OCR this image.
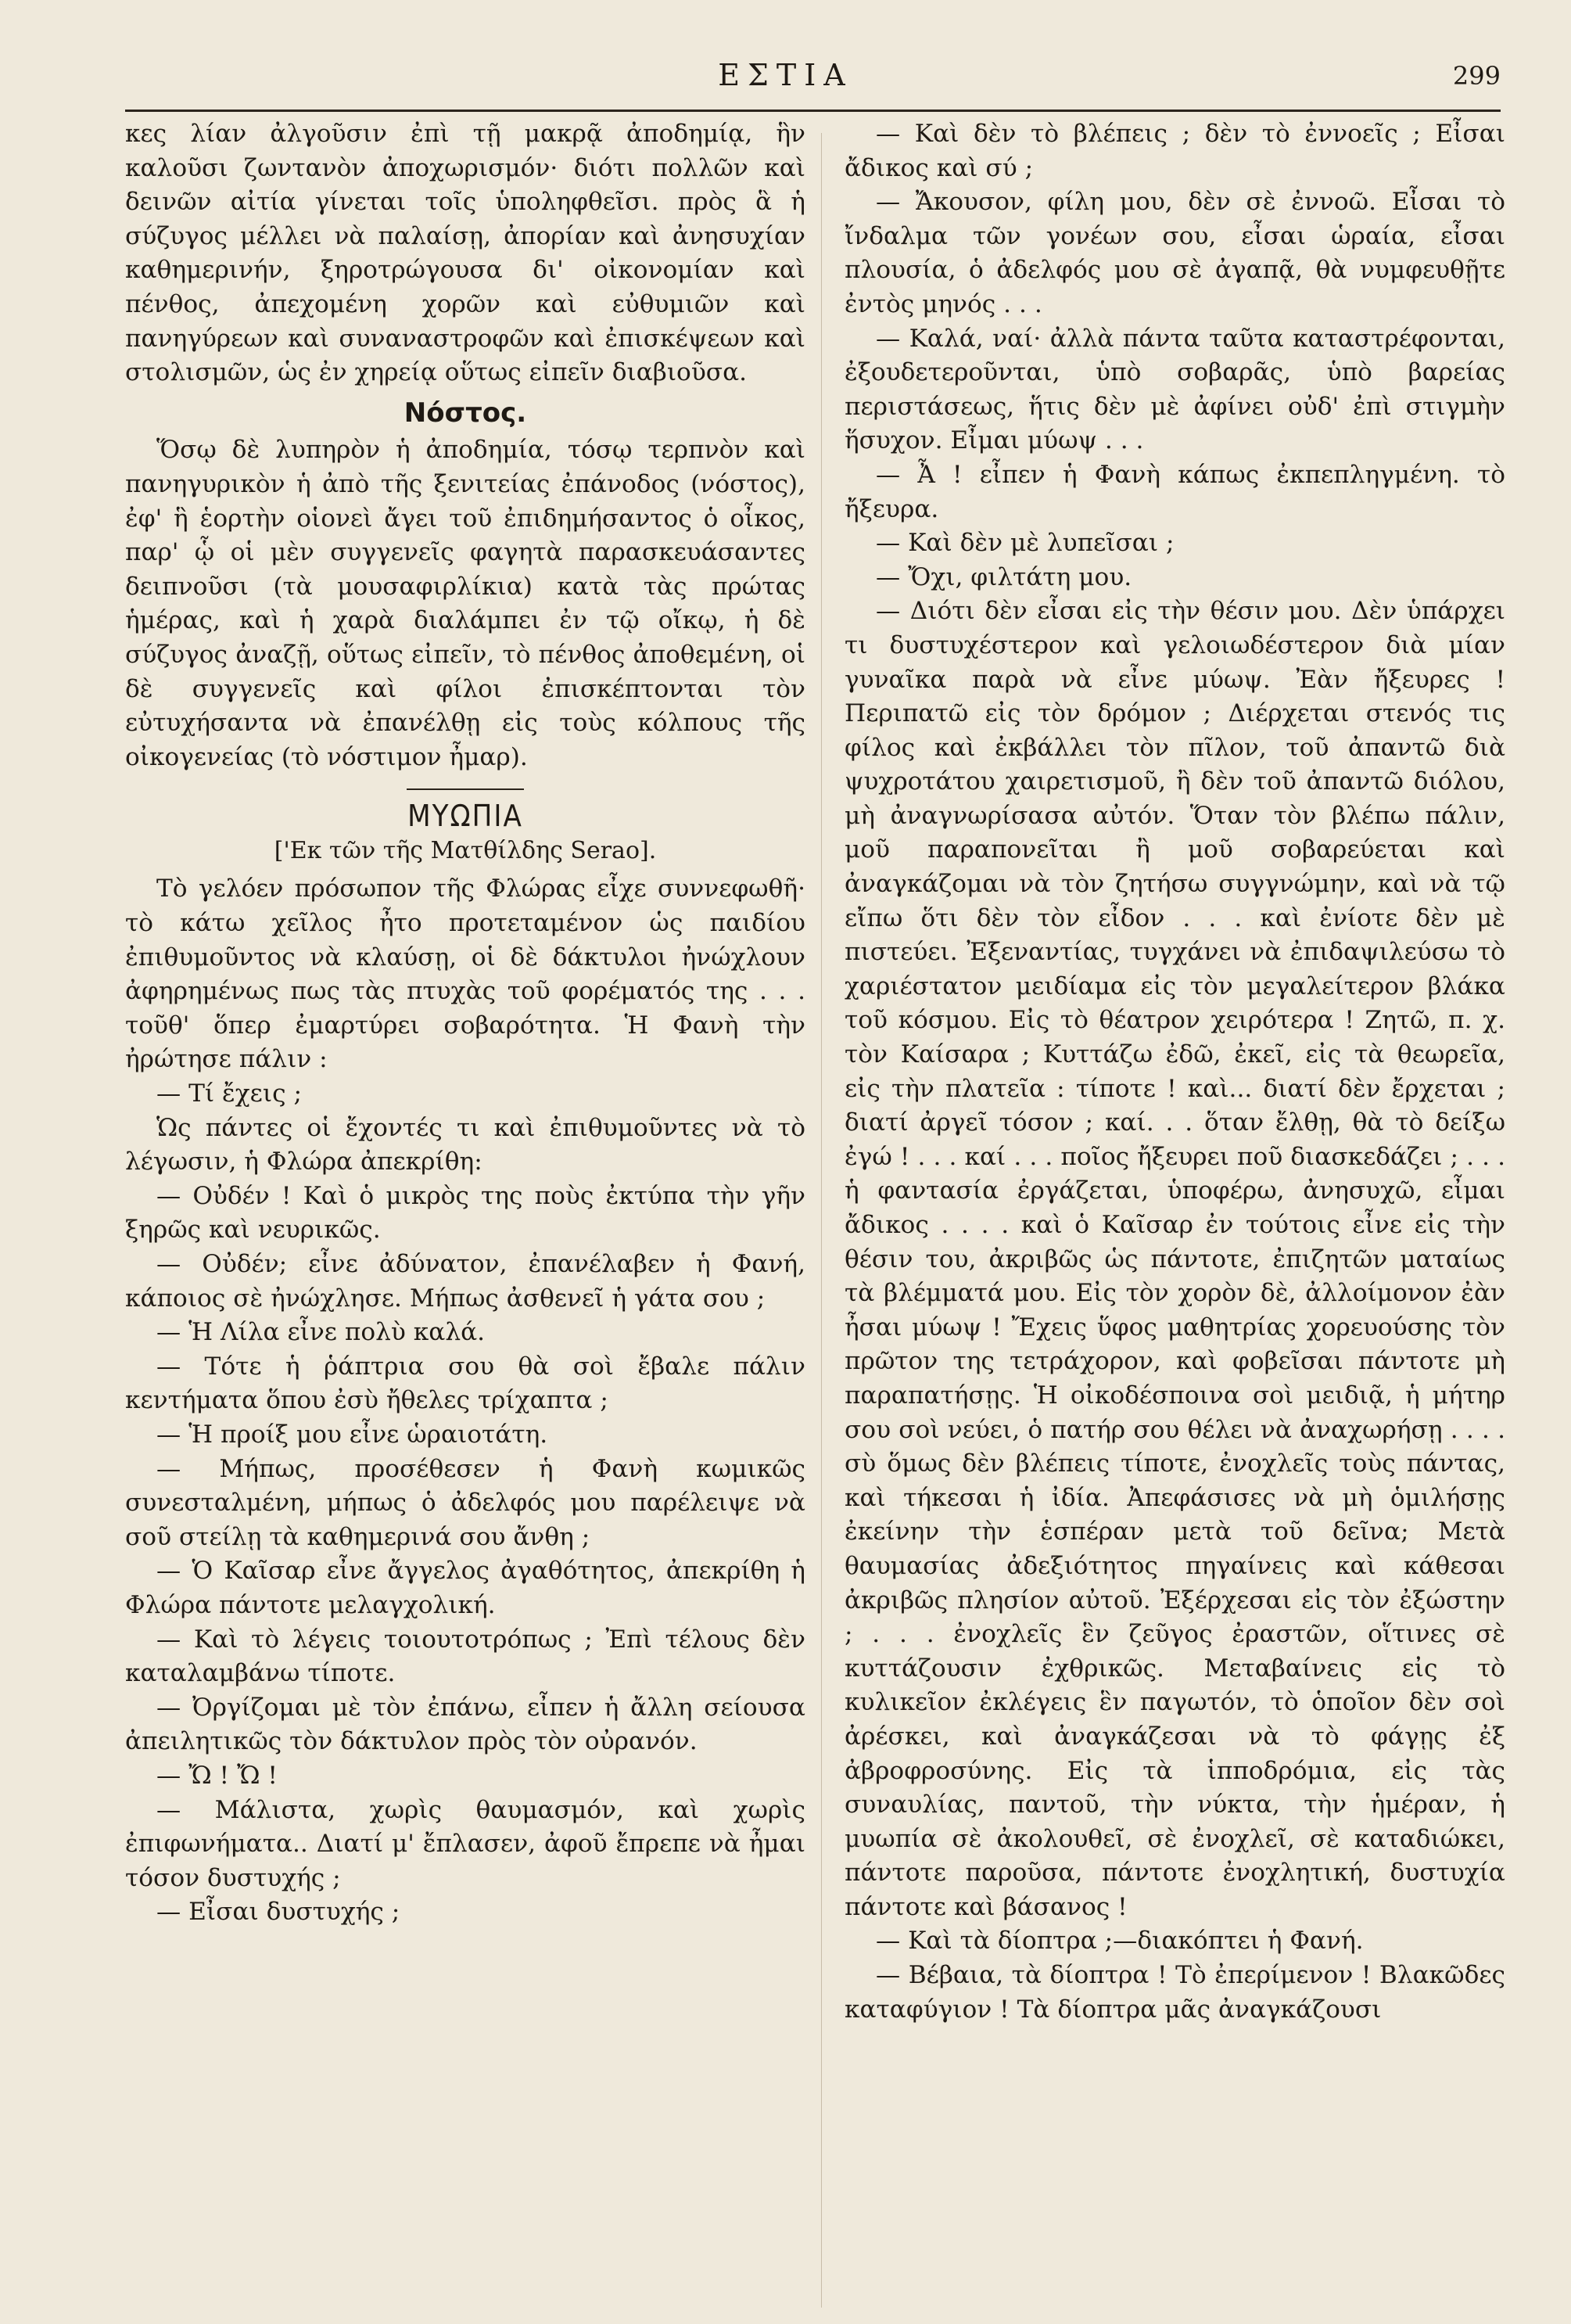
ΕΣΤΙΑ	299

κες λίαν ἀλγοῦσιν ἐπὶ τῇ μακρᾷ ἀποδημίᾳ, ἣν καλοῦσι ζωντανὸν ἀποχωρισμόν· διότι πολλῶν καὶ δεινῶν αἰτία γίνεται τοῖς ὑποληφθεῖσι. πρὸς ἃ ἡ σύζυγος μέλλει νὰ παλαίσῃ, ἀπορίαν καὶ ἀνησυχίαν καθημερινήν, ξηροτρώγουσα δι' οἰκονομίαν καὶ πένθος, ἀπεχομένη χορῶν καὶ εὐθυμιῶν καὶ πανηγύρεων καὶ συναναστροφῶν καὶ ἐπισκέψεων καὶ στολισμῶν, ὡς ἐν χηρείᾳ οὕτως εἰπεῖν διαβιοῦσα.

Νόστος.

Ὅσῳ δὲ λυπηρὸν ἡ ἀποδημία, τόσῳ τερπνὸν καὶ πανηγυρικὸν ἡ ἀπὸ τῆς ξενιτείας ἐπάνοδος (νόστος), ἐφ' ἣ ἑορτὴν οἱονεὶ ἄγει τοῦ ἐπιδημήσαντος ὁ οἶκος, παρ' ᾧ οἱ μὲν συγγενεῖς φαγητὰ παρασκευάσαντες δειπνοῦσι (τὰ μουσαφιρλίκια) κατὰ τὰς πρώτας ἡμέρας, καὶ ἡ χαρὰ διαλάμπει ἐν τῷ οἴκῳ, ἡ δὲ σύζυγος ἀναζῇ, οὕτως εἰπεῖν, τὸ πένθος ἀποθεμένη, οἱ δὲ συγγενεῖς καὶ φίλοι ἐπισκέπτονται τὸν εὐτυχήσαντα νὰ ἐπανέλθῃ εἰς τοὺς κόλπους τῆς οἰκογενείας (τὸ νόστιμον ἦμαρ).

ΜΥΩΠΙΑ
['Εκ τῶν τῆς Ματθίλδης Serao].

Τὸ γελόεν πρόσωπον τῆς Φλώρας εἶχε συννεφωθῆ· τὸ κάτω χεῖλος ἦτο προτεταμένον ὡς παιδίου ἐπιθυμοῦντος νὰ κλαύσῃ, οἱ δὲ δάκτυλοι ἠνώχλουν ἀφηρημένως πως τὰς πτυχὰς τοῦ φορέματός της . . . τοῦθ' ὅπερ ἐμαρτύρει σοβαρότητα. Ἡ Φανὴ τὴν ἠρώτησε πάλιν :

— Τί ἔχεις ;

Ὡς πάντες οἱ ἔχοντές τι καὶ ἐπιθυμοῦντες νὰ τὸ λέγωσιν, ἡ Φλώρα ἀπεκρίθη:

— Οὐδέν ! Καὶ ὁ μικρὸς της ποὺς ἐκτύπα τὴν γῆν ξηρῶς καὶ νευρικῶς.

— Οὐδέν; εἶνε ἀδύνατον, ἐπανέλαβεν ἡ Φανή, κάποιος σὲ ἠνώχλησε. Μήπως ἀσθενεῖ ἡ γάτα σου ;

— Ἡ Λίλα εἶνε πολὺ καλά.

— Τότε ἡ ῥάπτρια σου θὰ σοὶ ἔβαλε πάλιν κεντήματα ὅπου ἐσὺ ἤθελες τρίχαπτα ;

— Ἡ προίξ μου εἶνε ὡραιοτάτη.

— Μήπως, προσέθεσεν ἡ Φανὴ κωμικῶς συνεσταλμένη, μήπως ὁ ἀδελφός μου παρέλειψε νὰ σοῦ στείλῃ τὰ καθημερινά σου ἄνθη ;

— Ὁ Καῖσαρ εἶνε ἄγγελος ἀγαθότητος, ἀπεκρίθη ἡ Φλώρα πάντοτε μελαγχολική.

— Καὶ τὸ λέγεις τοιουτοτρόπως ; Ἐπὶ τέλους δὲν καταλαμβάνω τίποτε.

— Ὀργίζομαι μὲ τὸν ἐπάνω, εἶπεν ἡ ἄλλη σείουσα ἀπειλητικῶς τὸν δάκτυλον πρὸς τὸν οὐρανόν.

— Ὤ ! Ὤ !

— Μάλιστα, χωρὶς θαυμασμόν, καὶ χωρὶς ἐπιφωνήματα.. Διατί μ' ἔπλασεν, ἀφοῦ ἔπρεπε νὰ ἦμαι τόσον δυστυχής ;

— Εἶσαι δυστυχής ;

— Καὶ δὲν τὸ βλέπεις ; δὲν τὸ ἐννοεῖς ; Εἶσαι ἄδικος καὶ σύ ;

— Ἄκουσον, φίλη μου, δὲν σὲ ἐννοῶ. Εἶσαι τὸ ἴνδαλμα τῶν γονέων σου, εἶσαι ὡραία, εἶσαι πλουσία, ὁ ἀδελφός μου σὲ ἀγαπᾷ, θὰ νυμφευθῇτε ἐντὸς μηνός . . .

— Καλά, ναί· ἀλλὰ πάντα ταῦτα καταστρέφονται, ἐξουδετεροῦνται, ὑπὸ σοβαρᾶς, ὑπὸ βαρείας περιστάσεως, ἥτις δὲν μὲ ἀφίνει οὐδ' ἐπὶ στιγμὴν ἥσυχον. Εἶμαι μύωψ . . .

— Ἆ ! εἶπεν ἡ Φανὴ κάπως ἐκπεπληγμένη. τὸ ἤξευρα.

— Καὶ δὲν μὲ λυπεῖσαι ;

— Ὄχι, φιλτάτη μου.

— Διότι δὲν εἶσαι εἰς τὴν θέσιν μου. Δὲν ὑπάρχει τι δυστυχέστερον καὶ γελοιωδέστερον διὰ μίαν γυναῖκα παρὰ νὰ εἶνε μύωψ. Ἐὰν ἤξευρες ! Περιπατῶ εἰς τὸν δρόμον ; Διέρχεται στενός τις φίλος καὶ ἐκβάλλει τὸν πῖλον, τοῦ ἀπαντῶ διὰ ψυχροτάτου χαιρετισμοῦ, ἢ δὲν τοῦ ἀπαντῶ διόλου, μὴ ἀναγνωρίσασα αὐτόν. Ὅταν τὸν βλέπω πάλιν, μοῦ παραπονεῖται ἢ μοῦ σοβαρεύεται καὶ ἀναγκάζομαι νὰ τὸν ζητήσω συγγνώμην, καὶ νὰ τῷ εἴπω ὅτι δὲν τὸν εἶδον . . . καὶ ἐνίοτε δὲν μὲ πιστεύει. Ἐξεναντίας, τυγχάνει νὰ ἐπιδαψιλεύσω τὸ χαριέστατον μειδίαμα εἰς τὸν μεγαλείτερον βλάκα τοῦ κόσμου. Εἰς τὸ θέατρον χειρότερα ! Ζητῶ, π. χ. τὸν Καίσαρα ; Κυττάζω ἐδῶ, ἐκεῖ, εἰς τὰ θεωρεῖα, εἰς τὴν πλατεῖα : τίποτε ! καὶ... διατί δὲν ἔρχεται ; διατί ἀργεῖ τόσον ; καί. . . ὅταν ἔλθῃ, θὰ τὸ δείξω ἐγώ ! . . . καί . . . ποῖος ἤξευρει ποῦ διασκεδάζει ; . . . ἡ φαντασία ἐργάζεται, ὑποφέρω, ἀνησυχῶ, εἶμαι ἄδικος . . . . καὶ ὁ Καῖσαρ ἐν τούτοις εἶνε εἰς τὴν θέσιν του, ἀκριβῶς ὡς πάντοτε, ἐπιζητῶν ματαίως τὰ βλέμματά μου. Εἰς τὸν χορὸν δὲ, ἀλλοίμονον ἐὰν ἦσαι μύωψ ! Ἔχεις ὕφος μαθητρίας χορευούσης τὸν πρῶτον της τετράχορον, καὶ φοβεῖσαι πάντοτε μὴ παραπατήσῃς. Ἡ οἰκοδέσποινα σοὶ μειδιᾷ, ἡ μήτηρ σου σοὶ νεύει, ὁ πατήρ σου θέλει νὰ ἀναχωρήσῃ . . . . σὺ ὅμως δὲν βλέπεις τίποτε, ἐνοχλεῖς τοὺς πάντας, καὶ τήκεσαι ἡ ἰδία. Ἀπεφάσισες νὰ μὴ ὁμιλήσῃς ἐκείνην τὴν ἑσπέραν μετὰ τοῦ δεῖνα; Μετὰ θαυμασίας ἀδεξιότητος πηγαίνεις καὶ κάθεσαι ἀκριβῶς πλησίον αὐτοῦ. Ἐξέρχεσαι εἰς τὸν ἐξώστην ; . . . ἐνοχλεῖς ἓν ζεῦγος ἐραστῶν, οἵτινες σὲ κυττάζουσιν ἐχθρικῶς. Μεταβαίνεις εἰς τὸ κυλικεῖον ἐκλέγεις ἓν παγωτόν, τὸ ὁποῖον δὲν σοὶ ἀρέσκει, καὶ ἀναγκάζεσαι νὰ τὸ φάγῃς ἐξ ἀβροφροσύνης. Εἰς τὰ ἱπποδρόμια, εἰς τὰς συναυλίας, παντοῦ, τὴν νύκτα, τὴν ἡμέραν, ἡ μυωπία σὲ ἀκολουθεῖ, σὲ ἐνοχλεῖ, σὲ καταδιώκει, πάντοτε παροῦσα, πάντοτε ἐνοχλητική, δυστυχία πάντοτε καὶ βάσανος !

— Καὶ τὰ δίοπτρα ;—διακόπτει ἡ Φανή.

— Βέβαια, τὰ δίοπτρα ! Τὸ ἐπερίμενον ! Βλακῶδες καταφύγιον ! Τὰ δίοπτρα μᾶς ἀναγκάζουσι
